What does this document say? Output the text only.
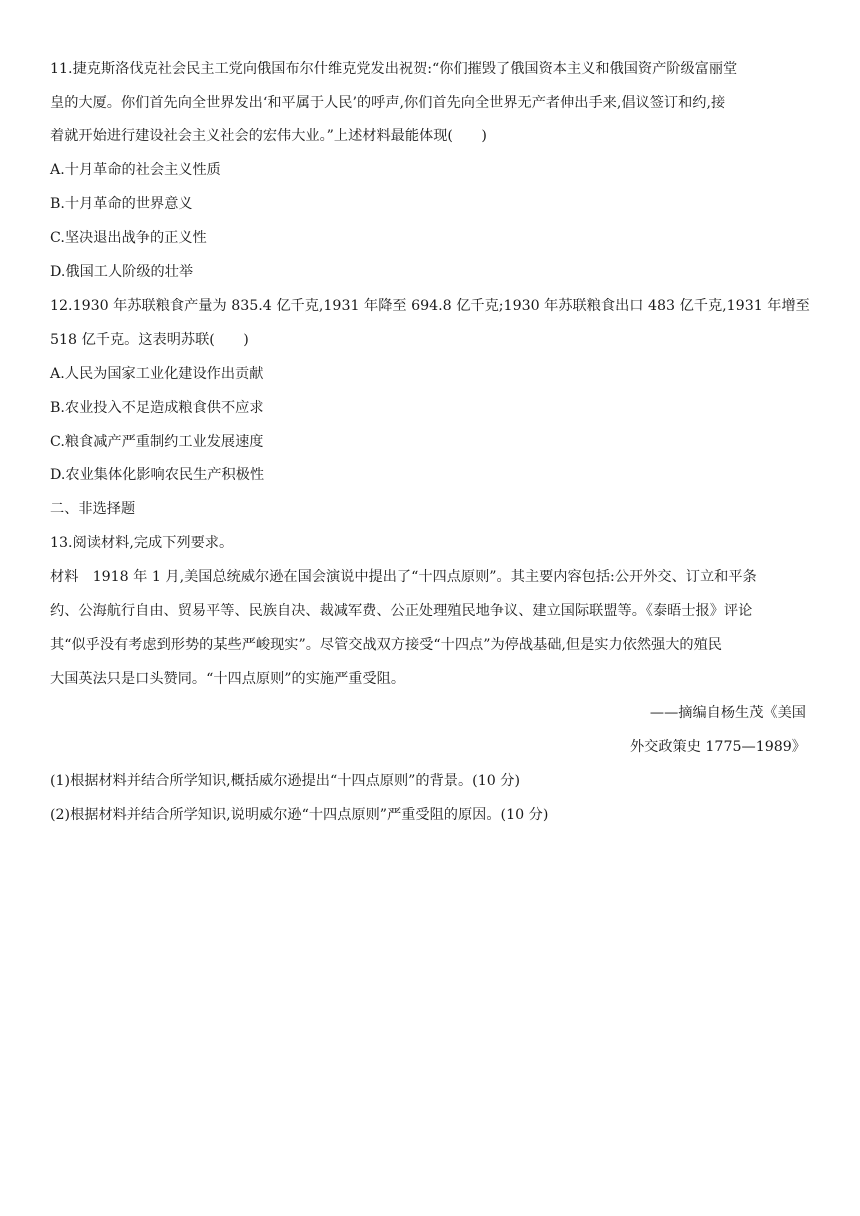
11.捷克斯洛伐克社会民主工党向俄国布尔什维克党发出祝贺:“你们摧毁了俄国资本主义和俄国资产阶级富丽堂
皇的大厦。你们首先向全世界发出‘和平属于人民’的呼声,你们首先向全世界无产者伸出手来,倡议签订和约,接
着就开始进行建设社会主义社会的宏伟大业。”上述材料最能体现(　　)
A.十月革命的社会主义性质
B.十月革命的世界意义
C.坚决退出战争的正义性
D.俄国工人阶级的壮举
12.1930 年苏联粮食产量为 835.4 亿千克,1931 年降至 694.8 亿千克;1930 年苏联粮食出口 483 亿千克,1931 年增至
518 亿千克。这表明苏联(　　)
A.人民为国家工业化建设作出贡献
B.农业投入不足造成粮食供不应求
C.粮食减产严重制约工业发展速度
D.农业集体化影响农民生产积极性
二、非选择题
13.阅读材料,完成下列要求。
材料　1918 年 1 月,美国总统威尔逊在国会演说中提出了“十四点原则”。其主要内容包括:公开外交、订立和平条
约、公海航行自由、贸易平等、民族自决、裁减军费、公正处理殖民地争议、建立国际联盟等。《泰晤士报》评论
其“似乎没有考虑到形势的某些严峻现实”。尽管交战双方接受“十四点”为停战基础,但是实力依然强大的殖民
大国英法只是口头赞同。“十四点原则”的实施严重受阻。
——摘编自杨生茂《美国
外交政策史 1775—1989》
(1)根据材料并结合所学知识,概括威尔逊提出“十四点原则”的背景。(10 分)
(2)根据材料并结合所学知识,说明威尔逊“十四点原则”严重受阻的原因。(10 分)
